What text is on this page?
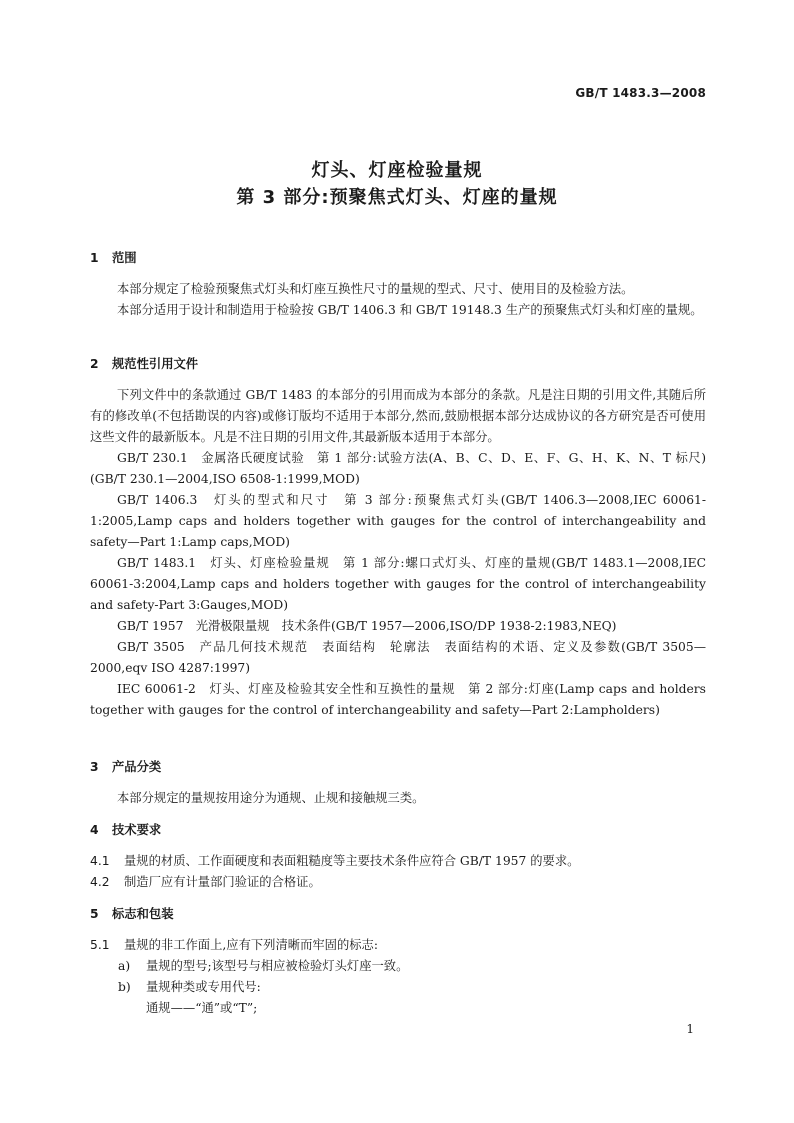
GB/T 1483.3—2008
灯头、灯座检验量规
第 3 部分:预聚焦式灯头、灯座的量规
1 范围
本部分规定了检验预聚焦式灯头和灯座互换性尺寸的量规的型式、尺寸、使用目的及检验方法。
本部分适用于设计和制造用于检验按 GB/T 1406.3 和 GB/T 19148.3 生产的预聚焦式灯头和灯座的量规。
2 规范性引用文件
下列文件中的条款通过 GB/T 1483 的本部分的引用而成为本部分的条款。凡是注日期的引用文件,其随后所有的修改单(不包括勘误的内容)或修订版均不适用于本部分,然而,鼓励根据本部分达成协议的各方研究是否可使用这些文件的最新版本。凡是不注日期的引用文件,其最新版本适用于本部分。
GB/T 230.1　金属洛氏硬度试验　第 1 部分:试验方法(A、B、C、D、E、F、G、H、K、N、T 标尺)(GB/T 230.1—2004,ISO 6508-1:1999,MOD)
GB/T 1406.3　灯头的型式和尺寸　第 3 部分:预聚焦式灯头(GB/T 1406.3—2008,IEC 60061-1:2005,Lamp caps and holders together with gauges for the control of interchangeability and safety—Part 1:Lamp caps,MOD)
GB/T 1483.1　灯头、灯座检验量规　第 1 部分:螺口式灯头、灯座的量规(GB/T 1483.1—2008,IEC 60061-3:2004,Lamp caps and holders together with gauges for the control of interchangeability and safety-Part 3:Gauges,MOD)
GB/T 1957　光滑极限量规　技术条件(GB/T 1957—2006,ISO/DP 1938-2:1983,NEQ)
GB/T 3505　产品几何技术规范　表面结构　轮廓法　表面结构的术语、定义及参数(GB/T 3505—2000,eqv ISO 4287:1997)
IEC 60061-2　灯头、灯座及检验其安全性和互换性的量规　第 2 部分:灯座(Lamp caps and holders together with gauges for the control of interchangeability and safety—Part 2:Lampholders)
3 产品分类
本部分规定的量规按用途分为通规、止规和接触规三类。
4 技术要求
4.1 量规的材质、工作面硬度和表面粗糙度等主要技术条件应符合 GB/T 1957 的要求。
4.2 制造厂应有计量部门验证的合格证。
5 标志和包装
5.1 量规的非工作面上,应有下列清晰而牢固的标志:
a) 量规的型号;该型号与相应被检验灯头灯座一致。
b) 量规种类或专用代号:
通规——“通”或“T”;
1
